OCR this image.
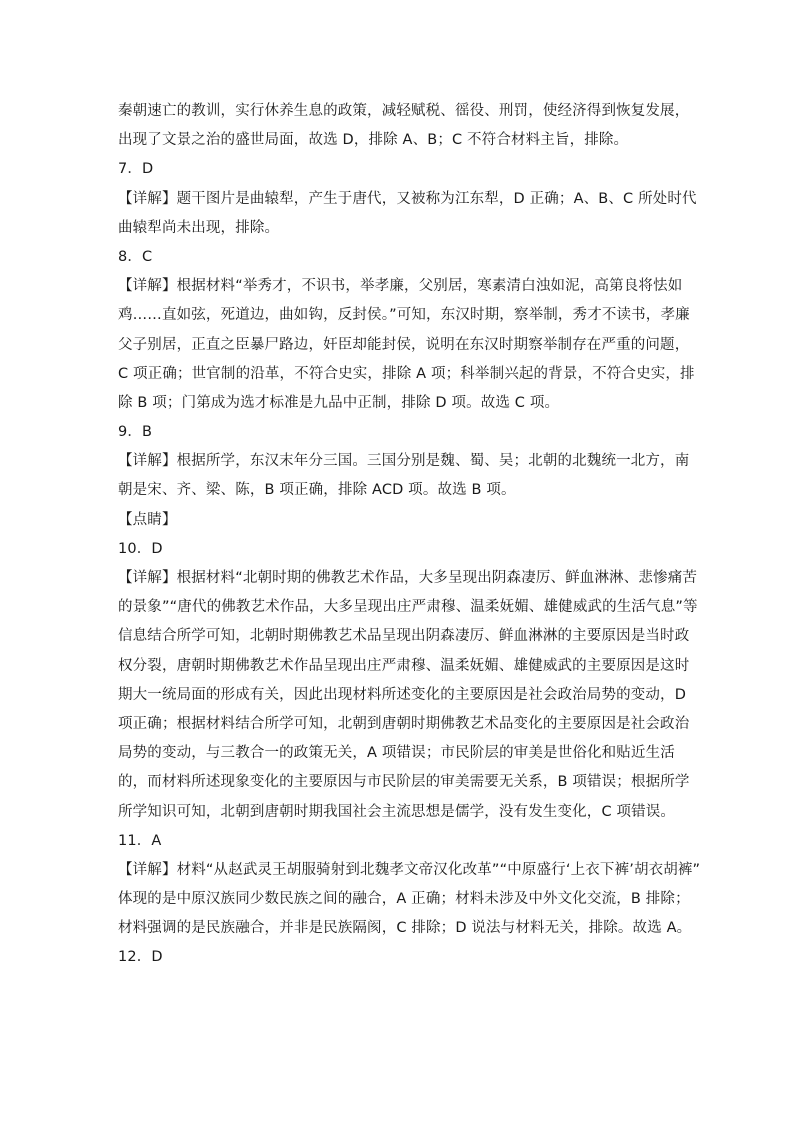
秦朝速亡的教训，实行休养生息的政策，减轻赋税、徭役、刑罚，使经济得到恢复发展，
出现了文景之治的盛世局面，故选 D，排除 A、B；C 不符合材料主旨，排除。
7．D
【详解】题干图片是曲辕犁，产生于唐代，又被称为江东犁，D 正确；A、B、C 所处时代
曲辕犁尚未出现，排除。
8．C
【详解】根据材料“举秀才，不识书，举孝廉，父别居，寒素清白浊如泥，高第良将怯如
鸡……直如弦，死道边，曲如钩，反封侯。”可知，东汉时期，察举制，秀才不读书，孝廉
父子别居，正直之臣暴尸路边，奸臣却能封侯，说明在东汉时期察举制存在严重的问题，
C 项正确；世官制的沿革，不符合史实，排除 A 项；科举制兴起的背景，不符合史实，排
除 B 项；门第成为选才标准是九品中正制，排除 D 项。故选 C 项。
9．B
【详解】根据所学，东汉末年分三国。三国分别是魏、蜀、吴；北朝的北魏统一北方，南
朝是宋、齐、梁、陈，B 项正确，排除 ACD 项。故选 B 项。
【点睛】
10．D
【详解】根据材料“北朝时期的佛教艺术作品，大多呈现出阴森凄厉、鲜血淋淋、悲惨痛苦
的景象”“唐代的佛教艺术作品，大多呈现出庄严肃穆、温柔妩媚、雄健威武的生活气息”等
信息结合所学可知，北朝时期佛教艺术品呈现出阴森凄厉、鲜血淋淋的主要原因是当时政
权分裂，唐朝时期佛教艺术作品呈现出庄严肃穆、温柔妩媚、雄健威武的主要原因是这时
期大一统局面的形成有关，因此出现材料所述变化的主要原因是社会政治局势的变动，D
项正确；根据材料结合所学可知，北朝到唐朝时期佛教艺术品变化的主要原因是社会政治
局势的变动，与三教合一的政策无关，A 项错误；市民阶层的审美是世俗化和贴近生活
的，而材料所述现象变化的主要原因与市民阶层的审美需要无关系，B 项错误；根据所学
所学知识可知，北朝到唐朝时期我国社会主流思想是儒学，没有发生变化，C 项错误。
11．A
【详解】材料“从赵武灵王胡服骑射到北魏孝文帝汉化改革”“中原盛行‘上衣下裤’胡衣胡裤”
体现的是中原汉族同少数民族之间的融合，A 正确；材料未涉及中外文化交流，B 排除；
材料强调的是民族融合，并非是民族隔阂，C 排除；D 说法与材料无关，排除。故选 A。
12．D
